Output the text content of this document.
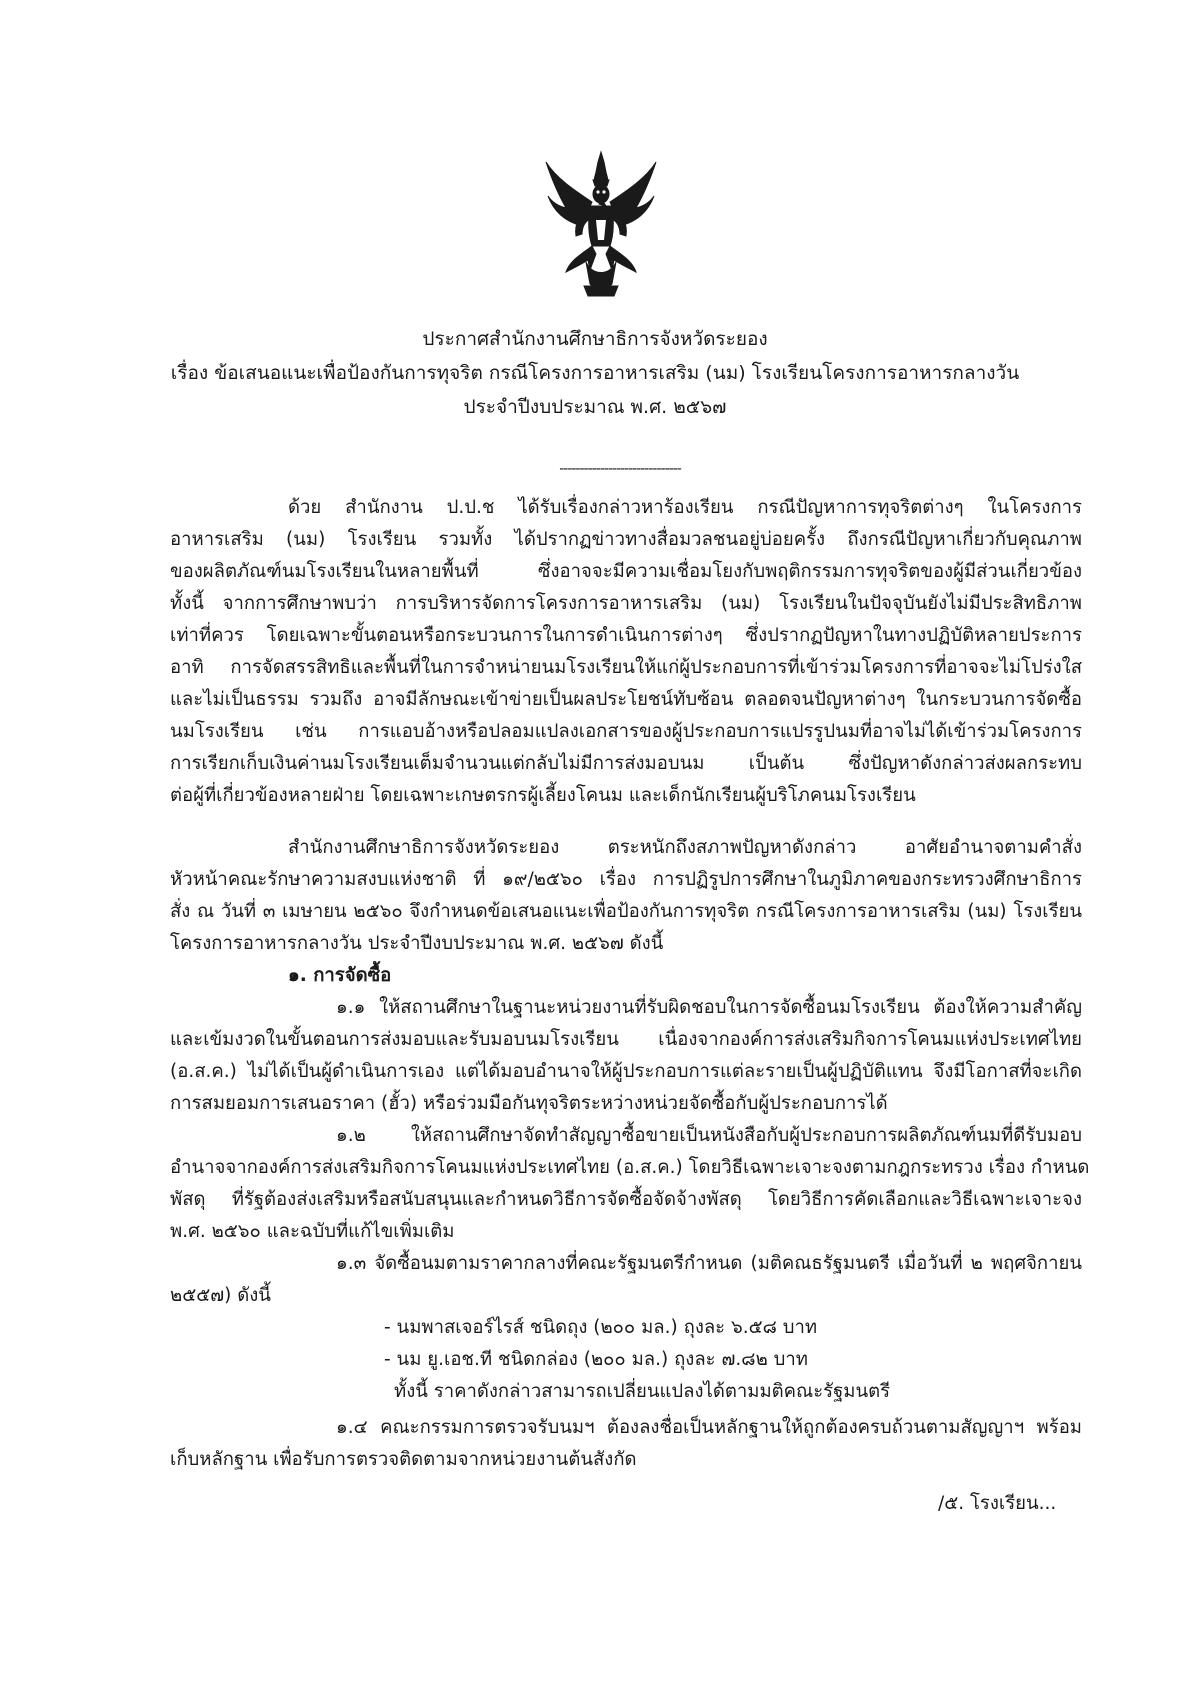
ประกาศสำนักงานศึกษาธิการจังหวัดระยอง
เรื่อง ข้อเสนอแนะเพื่อป้องกันการทุจริต กรณีโครงการอาหารเสริม (นม) โรงเรียนโครงการอาหารกลางวัน
ประจำปีงบประมาณ พ.ศ. ๒๕๖๗
------------------------------
ด้วย สำนักงาน ป.ป.ช ได้รับเรื่องกล่าวหาร้องเรียน กรณีปัญหาการทุจริตต่างๆ ในโครงการ
อาหารเสริม (นม) โรงเรียน รวมทั้ง ได้ปรากฏข่าวทางสื่อมวลชนอยู่บ่อยครั้ง ถึงกรณีปัญหาเกี่ยวกับคุณภาพ
ของผลิตภัณฑ์นมโรงเรียนในหลายพื้นที่ ซึ่งอาจจะมีความเชื่อมโยงกับพฤติกรรมการทุจริตของผู้มีส่วนเกี่ยวข้อง
ทั้งนี้ จากการศึกษาพบว่า การบริหารจัดการโครงการอาหารเสริม (นม) โรงเรียนในปัจจุบันยังไม่มีประสิทธิภาพ
เท่าที่ควร โดยเฉพาะขั้นตอนหรือกระบวนการในการดำเนินการต่างๆ ซึ่งปรากฏปัญหาในทางปฏิบัติหลายประการ
อาทิ การจัดสรรสิทธิและพื้นที่ในการจำหน่ายนมโรงเรียนให้แก่ผู้ประกอบการที่เข้าร่วมโครงการที่อาจจะไม่โปร่งใส
และไม่เป็นธรรม รวมถึง อาจมีลักษณะเข้าข่ายเป็นผลประโยชน์ทับซ้อน ตลอดจนปัญหาต่างๆ ในกระบวนการจัดซื้อ
นมโรงเรียน เช่น การแอบอ้างหรือปลอมแปลงเอกสารของผู้ประกอบการแปรรูปนมที่อาจไม่ได้เข้าร่วมโครงการ
การเรียกเก็บเงินค่านมโรงเรียนเต็มจำนวนแต่กลับไม่มีการส่งมอบนม เป็นต้น ซึ่งปัญหาดังกล่าวส่งผลกระทบ
ต่อผู้ที่เกี่ยวข้องหลายฝ่าย โดยเฉพาะเกษตรกรผู้เลี้ยงโคนม และเด็กนักเรียนผู้บริโภคนมโรงเรียน
สำนักงานศึกษาธิการจังหวัดระยอง ตระหนักถึงสภาพปัญหาดังกล่าว อาศัยอำนาจตามคำสั่ง
หัวหน้าคณะรักษาความสงบแห่งชาติ ที่ ๑๙/๒๕๖๐ เรื่อง การปฏิรูปการศึกษาในภูมิภาคของกระทรวงศึกษาธิการ
สั่ง ณ วันที่ ๓ เมษายน ๒๕๖๐ จึงกำหนดข้อเสนอแนะเพื่อป้องกันการทุจริต กรณีโครงการอาหารเสริม (นม) โรงเรียน
โครงการอาหารกลางวัน ประจำปีงบประมาณ พ.ศ. ๒๕๖๗ ดังนี้
๑. การจัดซื้อ
๑.๑ ให้สถานศึกษาในฐานะหน่วยงานที่รับผิดชอบในการจัดซื้อนมโรงเรียน ต้องให้ความสำคัญ
และเข้มงวดในขั้นตอนการส่งมอบและรับมอบนมโรงเรียน เนื่องจากองค์การส่งเสริมกิจการโคนมแห่งประเทศไทย
(อ.ส.ค.) ไม่ได้เป็นผู้ดำเนินการเอง แต่ได้มอบอำนาจให้ผู้ประกอบการแต่ละรายเป็นผู้ปฏิบัติแทน จึงมีโอกาสที่จะเกิด
การสมยอมการเสนอราคา (ฮั้ว) หรือร่วมมือกันทุจริตระหว่างหน่วยจัดซื้อกับผู้ประกอบการได้
๑.๒ ให้สถานศึกษาจัดทำสัญญาซื้อขายเป็นหนังสือกับผู้ประกอบการผลิตภัณฑ์นมที่ดีรับมอบ
อำนาจจากองค์การส่งเสริมกิจการโคนมแห่งประเทศไทย (อ.ส.ค.) โดยวิธีเฉพาะเจาะจงตามกฎกระทรวง เรื่อง กำหนด
พัสดุ ที่รัฐต้องส่งเสริมหรือสนับสนุนและกำหนดวิธีการจัดซื้อจัดจ้างพัสดุ โดยวิธีการคัดเลือกและวิธีเฉพาะเจาะจง
พ.ศ. ๒๕๖๐ และฉบับที่แก้ไขเพิ่มเติม
๑.๓ จัดซื้อนมตามราคากลางที่คณะรัฐมนตรีกำหนด (มติคณธรัฐมนตรี เมื่อวันที่ ๒ พฤศจิกายน
๒๕๕๗) ดังนี้
- นมพาสเจอร์ไรส์ ชนิดถุง (๒๐๐ มล.) ถุงละ ๖.๕๘ บาท
- นม ยู.เอช.ที ชนิดกล่อง (๒๐๐ มล.) ถุงละ ๗.๘๒ บาท
ทั้งนี้ ราคาดังกล่าวสามารถเปลี่ยนแปลงได้ตามมติคณะรัฐมนตรี
๑.๔ คณะกรรมการตรวจรับนมฯ ต้องลงชื่อเป็นหลักฐานให้ถูกต้องครบถ้วนตามสัญญาฯ พร้อม
เก็บหลักฐาน เพื่อรับการตรวจติดตามจากหน่วยงานต้นสังกัด
/๕. โรงเรียน...
